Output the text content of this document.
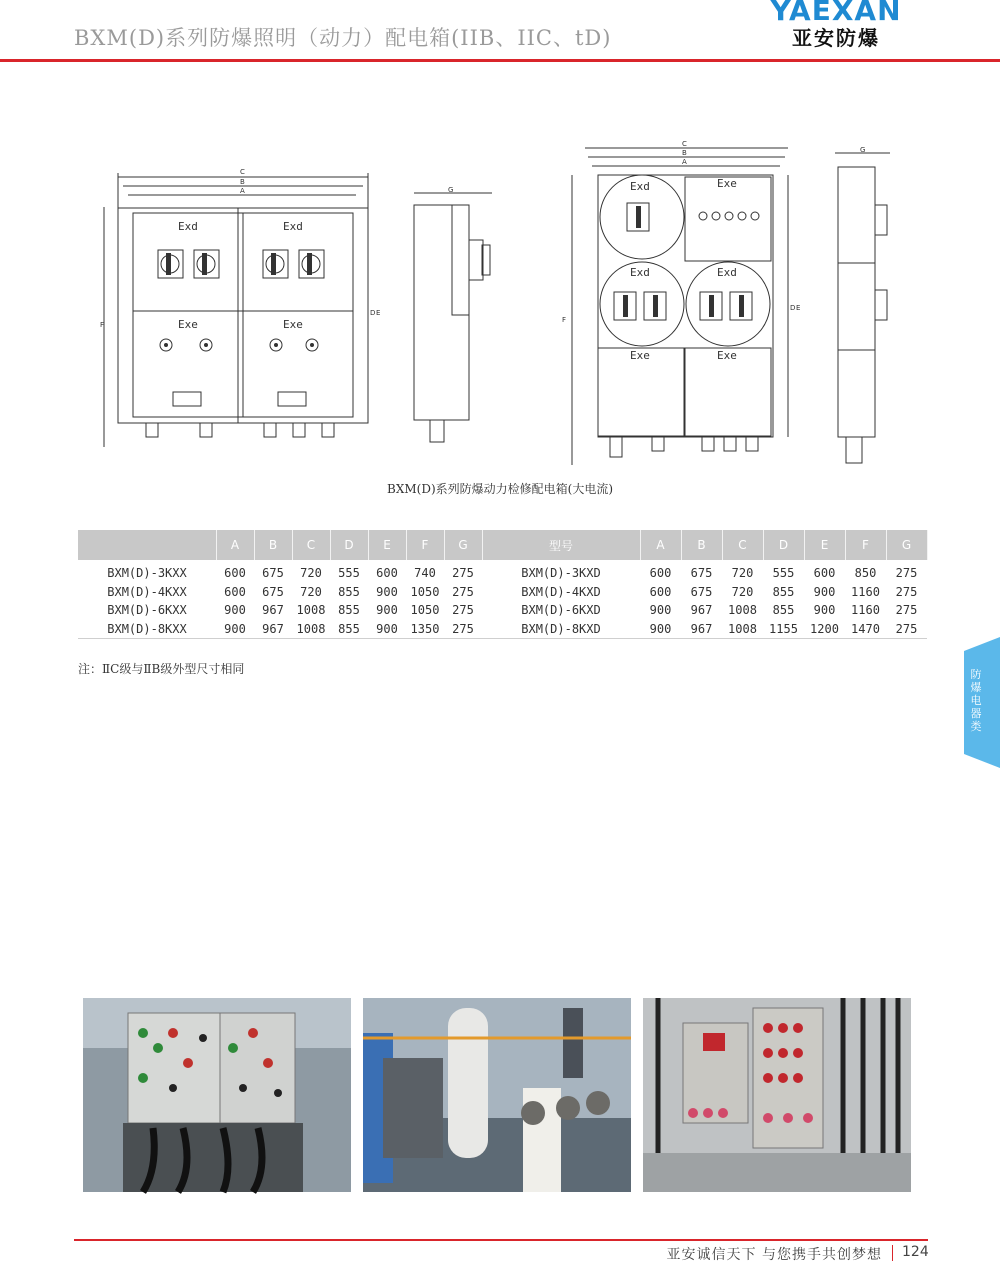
BXM(D)系列防爆照明（动力）配电箱(IIB、IIC、tD)
YAEXAN
亚安防爆
Exd	Exd
Exe	Exe
C
B
A
F
D E
G	Exd	Exe
Exd	Exd
Exe	Exe
C
B
A
F
D E
G
BXM(D)系列防爆动力检修配电箱(大电流)
	A	B	C	D	E	F	G	型号	A	B	C	D	E	F	G
BXM(D)-3KXX	600	675	720	555	600	740	275	BXM(D)-3KXD	600	675	720	555	600	850	275
BXM(D)-4KXX	600	675	720	855	900	1050	275	BXM(D)-4KXD	600	675	720	855	900	1160	275
BXM(D)-6KXX	900	967	1008	855	900	1050	275	BXM(D)-6KXD	900	967	1008	855	900	1160	275
BXM(D)-8KXX	900	967	1008	855	900	1350	275	BXM(D)-8KXD	900	967	1008	1155	1200	1470	275
注：ⅡC级与ⅡB级外型尺寸相同	防爆电器类
亚安诚信天下 与您携手共创梦想 124
